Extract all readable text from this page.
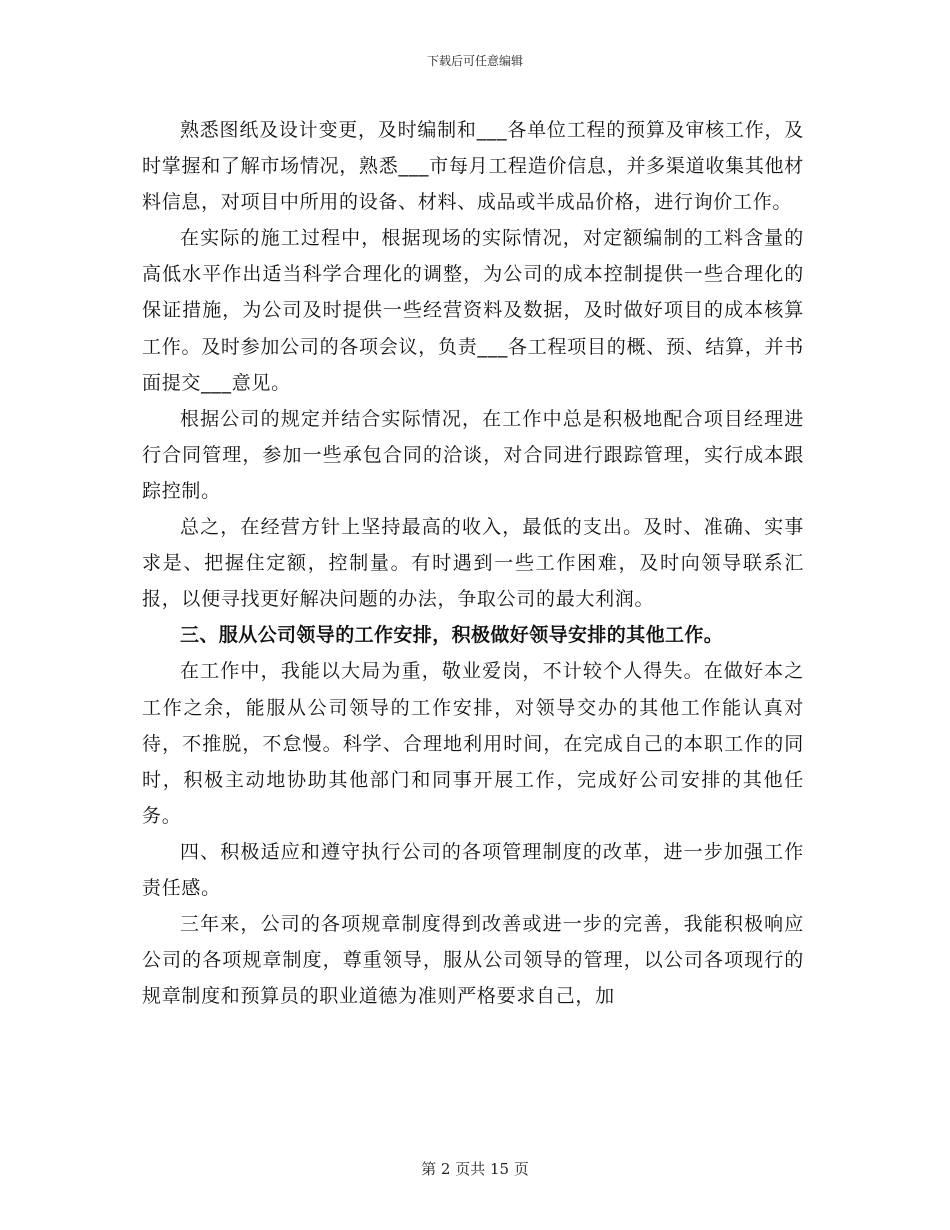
下载后可任意编辑

熟悉图纸及设计变更，及时编制和___各单位工程的预算及审核工作，及时掌握和了解市场情况，熟悉___市每月工程造价信息，并多渠道收集其他材料信息，对项目中所用的设备、材料、成品或半成品价格，进行询价工作。

在实际的施工过程中，根据现场的实际情况，对定额编制的工料含量的高低水平作出适当科学合理化的调整，为公司的成本控制提供一些合理化的保证措施，为公司及时提供一些经营资料及数据，及时做好项目的成本核算工作。及时参加公司的各项会议，负责___各工程项目的概、预、结算，并书面提交___意见。

根据公司的规定并结合实际情况，在工作中总是积极地配合项目经理进行合同管理，参加一些承包合同的洽谈，对合同进行跟踪管理，实行成本跟踪控制。

总之，在经营方针上坚持最高的收入，最低的支出。及时、准确、实事求是、把握住定额，控制量。有时遇到一些工作困难，及时向领导联系汇报，以便寻找更好解决问题的办法，争取公司的最大利润。

三、服从公司领导的工作安排，积极做好领导安排的其他工作。

在工作中，我能以大局为重，敬业爱岗，不计较个人得失。在做好本之工作之余，能服从公司领导的工作安排，对领导交办的其他工作能认真对待，不推脱，不怠慢。科学、合理地利用时间，在完成自己的本职工作的同时，积极主动地协助其他部门和同事开展工作，完成好公司安排的其他任务。

四、积极适应和遵守执行公司的各项管理制度的改革，进一步加强工作责任感。

三年来，公司的各项规章制度得到改善或进一步的完善，我能积极响应公司的各项规章制度，尊重领导，服从公司领导的管理，以公司各项现行的规章制度和预算员的职业道德为准则严格要求自己，加

第 2 页共 15 页
